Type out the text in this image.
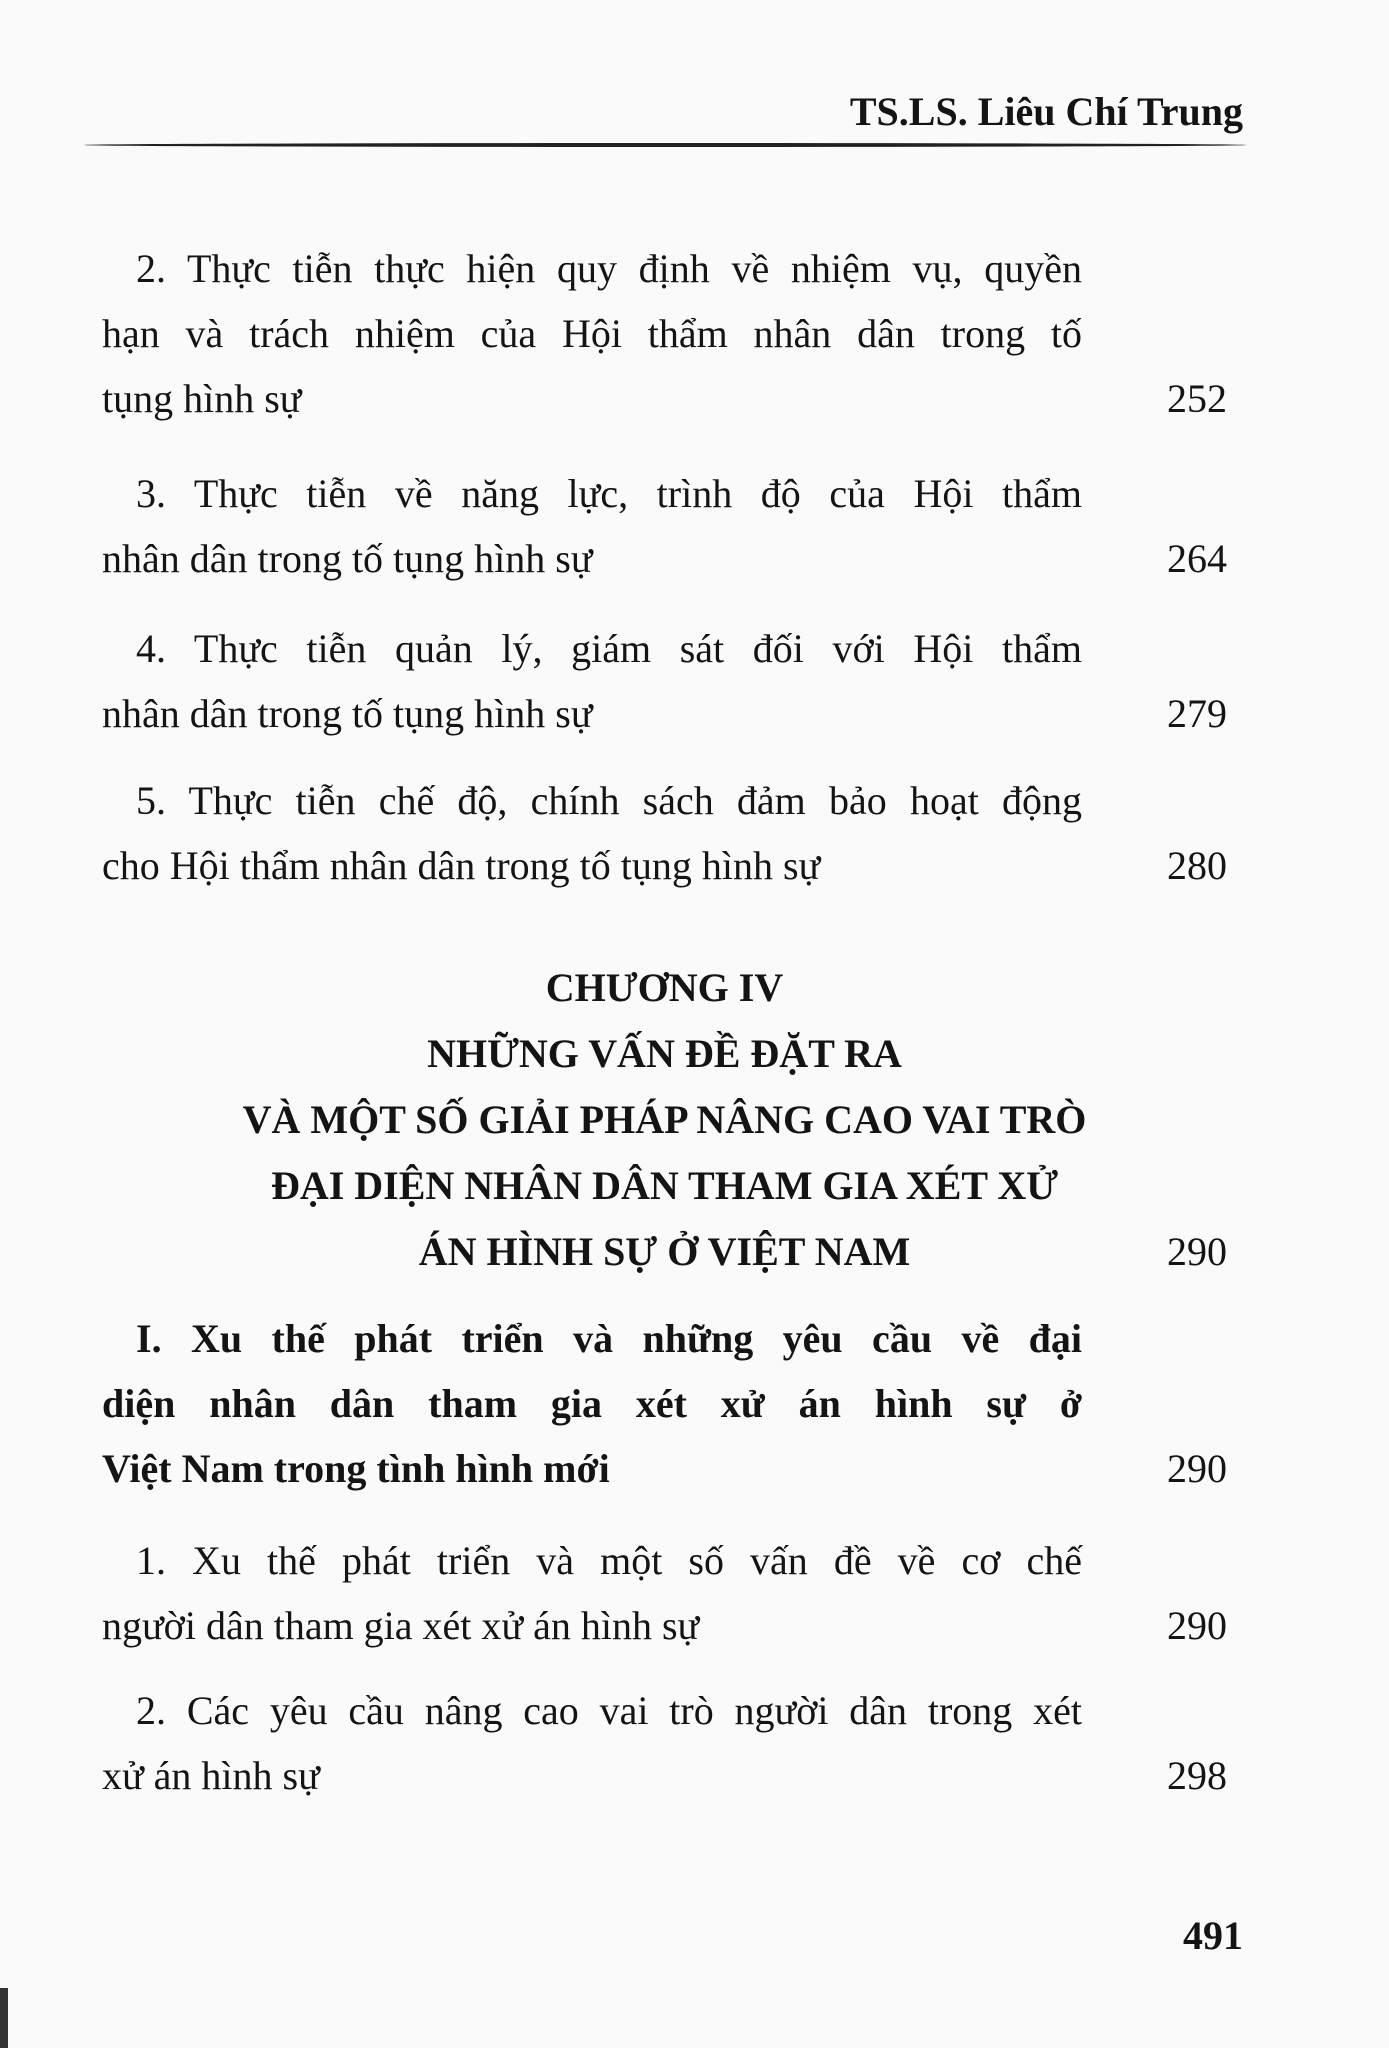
TS.LS. Liêu Chí Trung
2. Thực tiễn thực hiện quy định về nhiệm vụ, quyền
hạn và trách nhiệm của Hội thẩm nhân dân trong tố
tụng hình sự	252
3. Thực tiễn về năng lực, trình độ của Hội thẩm
nhân dân trong tố tụng hình sự	264
4. Thực tiễn quản lý, giám sát đối với Hội thẩm
nhân dân trong tố tụng hình sự	279
5. Thực tiễn chế độ, chính sách đảm bảo hoạt động
cho Hội thẩm nhân dân trong tố tụng hình sự	280
CHƯƠNG IV
NHỮNG VẤN ĐỀ ĐẶT RA
VÀ MỘT SỐ GIẢI PHÁP NÂNG CAO VAI TRÒ
ĐẠI DIỆN NHÂN DÂN THAM GIA XÉT XỬ
ÁN HÌNH SỰ Ở VIỆT NAM	290
I. Xu thế phát triển và những yêu cầu về đại
diện nhân dân tham gia xét xử án hình sự ở
Việt Nam trong tình hình mới	290
1. Xu thế phát triển và một số vấn đề về cơ chế
người dân tham gia xét xử án hình sự	290
2. Các yêu cầu nâng cao vai trò người dân trong xét
xử án hình sự	298
491
